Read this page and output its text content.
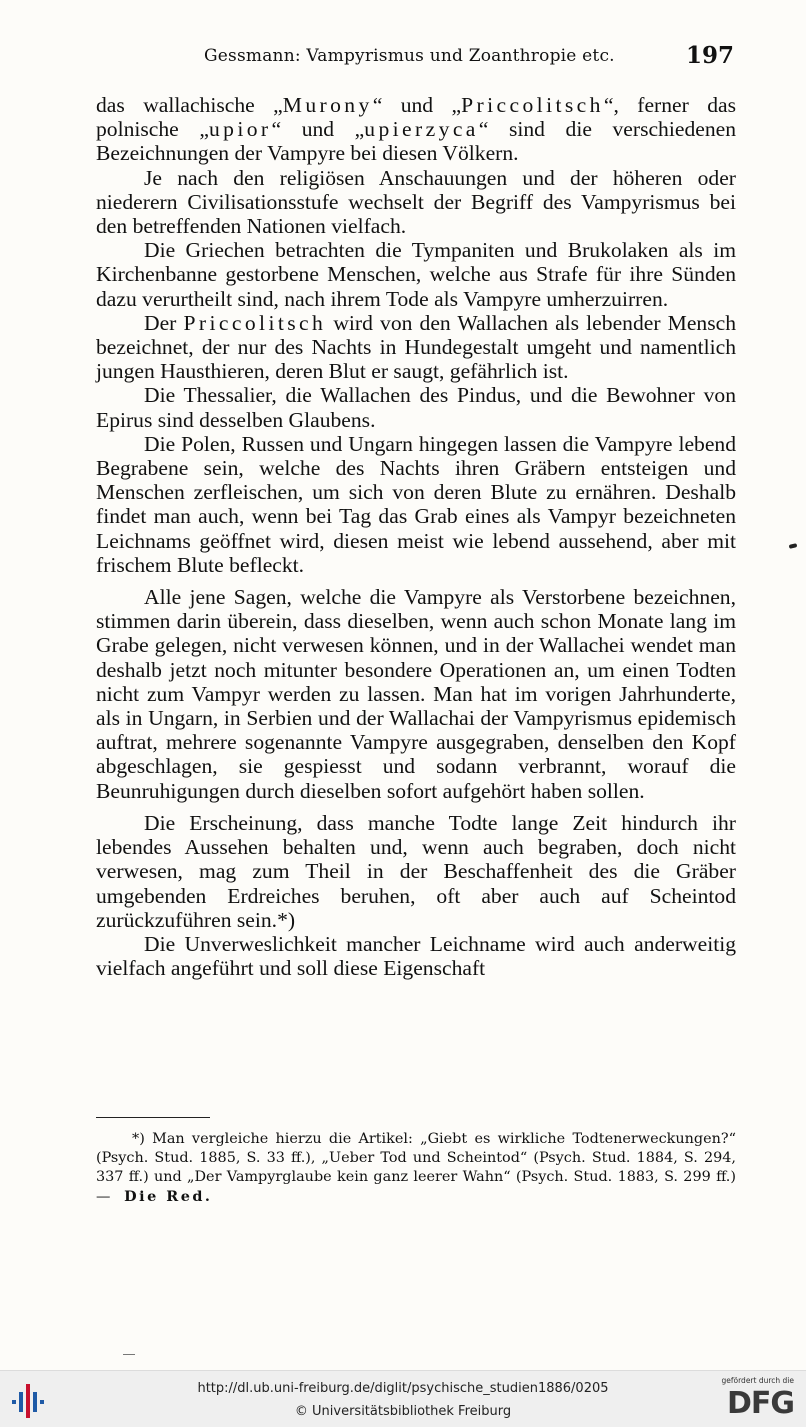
Gessmann: Vampyrismus und Zoanthropie etc.	197

das wallachische „Murony“ und „Priccolitsch“, ferner das polnische „upior“ und „upierzyca“ sind die verschiedenen Bezeichnungen der Vampyre bei diesen Völkern.

Je nach den religiösen Anschauungen und der höheren oder niederern Civilisationsstufe wechselt der Begriff des Vampyrismus bei den betreffenden Nationen vielfach.

Die Griechen betrachten die Tympaniten und Brukolaken als im Kirchenbanne gestorbene Menschen, welche aus Strafe für ihre Sünden dazu verurtheilt sind, nach ihrem Tode als Vampyre umherzuirren.

Der Priccolitsch wird von den Wallachen als lebender Mensch bezeichnet, der nur des Nachts in Hundegestalt umgeht und namentlich jungen Hausthieren, deren Blut er saugt, gefährlich ist.

Die Thessalier, die Wallachen des Pindus, und die Bewohner von Epirus sind desselben Glaubens.

Die Polen, Russen und Ungarn hingegen lassen die Vampyre lebend Begrabene sein, welche des Nachts ihren Gräbern entsteigen und Menschen zerfleischen, um sich von deren Blute zu ernähren. Deshalb findet man auch, wenn bei Tag das Grab eines als Vampyr bezeichneten Leichnams geöffnet wird, diesen meist wie lebend aussehend, aber mit frischem Blute befleckt.

Alle jene Sagen, welche die Vampyre als Verstorbene bezeichnen, stimmen darin überein, dass dieselben, wenn auch schon Monate lang im Grabe gelegen, nicht verwesen können, und in der Wallachei wendet man deshalb jetzt noch mitunter besondere Operationen an, um einen Todten nicht zum Vampyr werden zu lassen. Man hat im vorigen Jahrhunderte, als in Ungarn, in Serbien und der Wallachai der Vampyrismus epidemisch auftrat, mehrere sogenannte Vampyre ausgegraben, denselben den Kopf abgeschlagen, sie gespiesst und sodann verbrannt, worauf die Beunruhigungen durch dieselben sofort aufgehört haben sollen.

Die Erscheinung, dass manche Todte lange Zeit hindurch ihr lebendes Aussehen behalten und, wenn auch begraben, doch nicht verwesen, mag zum Theil in der Beschaffenheit des die Gräber umgebenden Erdreiches beruhen, oft aber auch auf Scheintod zurückzuführen sein.*)

Die Unverweslichkeit mancher Leichname wird auch anderweitig vielfach angeführt und soll diese Eigenschaft

*) Man vergleiche hierzu die Artikel: „Giebt es wirkliche Todtenerweckungen?“ (Psych. Stud. 1885, S. 33 ff.), „Ueber Tod und Scheintod“ (Psych. Stud. 1884, S. 294, 337 ff.) und „Der Vampyrglaube kein ganz leerer Wahn“ (Psych. Stud. 1883, S. 299 ff.) — Die Red.

http://dl.ub.uni-freiburg.de/diglit/psychische_studien1886/0205
© Universitätsbibliothek Freiburg
gefördert durch die
DFG
